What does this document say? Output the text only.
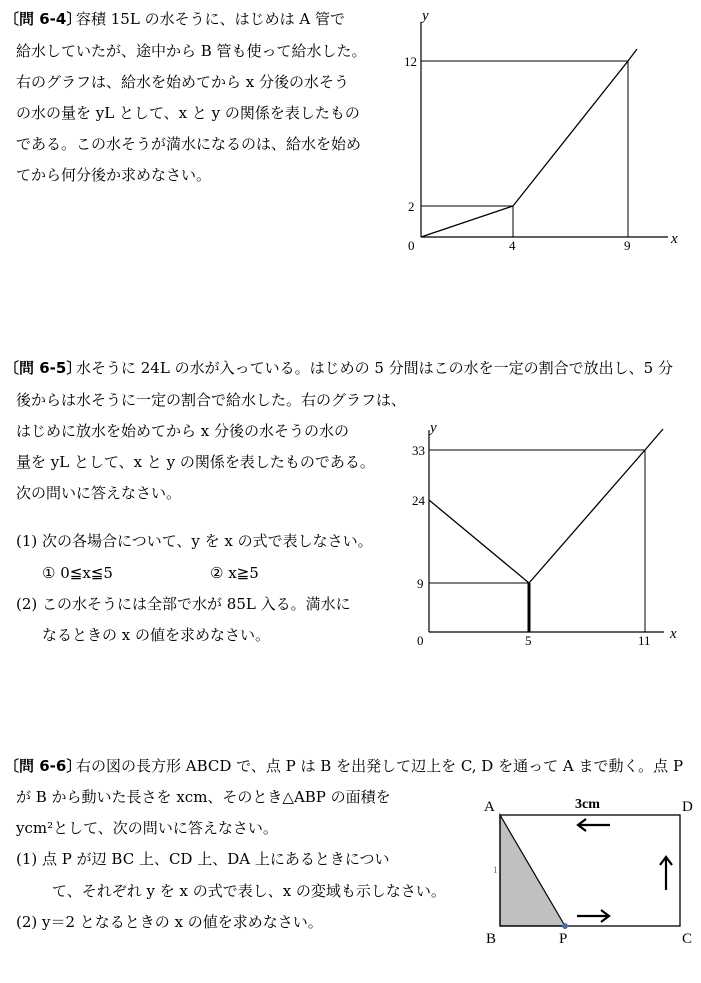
〔問 6-4〕
容積 15L の水そうに、はじめは A 管で
給水していたが、途中から B 管も使って給水した。
右のグラフは、給水を始めてから x 分後の水そう
の水の量を yL として、x と y の関係を表したもの
である。この水そうが満水になるのは、給水を始め
てから何分後か求めなさい。
y
x
12
2
0	4	9
〔問 6-5〕
水そうに 24L の水が入っている。はじめの 5 分間はこの水を一定の割合で放出し、5 分
後からは水そうに一定の割合で給水した。右のグラフは、
はじめに放水を始めてから x 分後の水そうの水の
量を yL として、x と y の関係を表したものである。
次の問いに答えなさい。
(1) 次の各場合について、y を x の式で表しなさい。
① 0≦x≦5	② x≧5
(2) この水そうには全部で水が 85L 入る。満水に
なるときの x の値を求めなさい。
y
x
33
24
9
0	5	11
〔問 6-6〕
右の図の長方形 ABCD で、点 P は B を出発して辺上を C, D を通って A まで動く。点 P
が B から動いた長さを xcm、そのとき△ABP の面積を
ycm²として、次の問いに答えなさい。
(1) 点 P が辺 BC 上、CD 上、DA 上にあるときについ
て、それぞれ y を x の式で表し、x の変域も示しなさい。
(2) y＝2 となるときの x の値を求めなさい。
A	D
B	C
P
3cm
1
